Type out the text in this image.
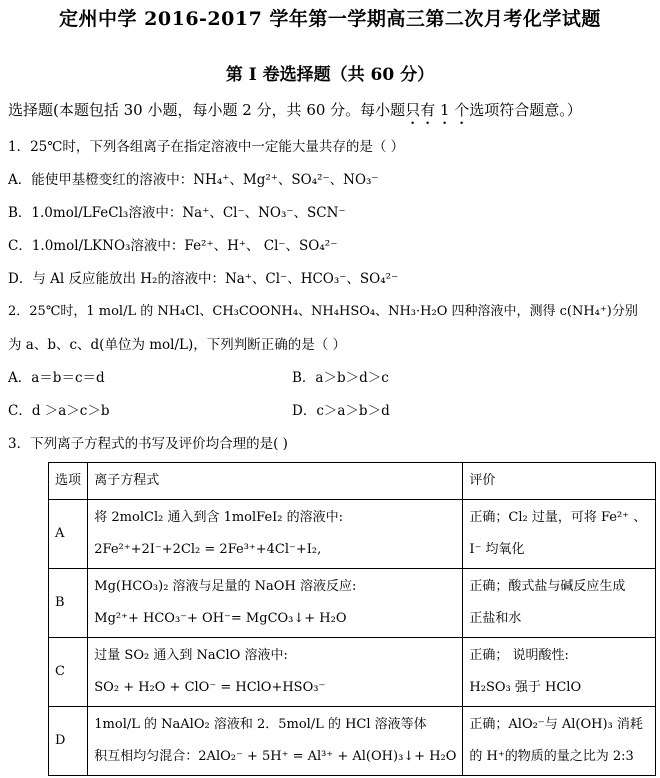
定州中学 2016-2017 学年第一学期高三第二次月考化学试题
第 I 卷选择题（共 60 分）
选择题(本题包括 30 小题，每小题 2 分，共 60 分。每小题只有 1 个选项符合题意。）
1．25℃时，下列各组离子在指定溶液中一定能大量共存的是（ ）
A．能使甲基橙变红的溶液中：NH₄⁺、Mg²⁺、SO₄²⁻、NO₃⁻
B．1.0mol/LFeCl₃溶液中：Na⁺、Cl⁻、NO₃⁻、SCN⁻
C．1.0mol/LKNO₃溶液中：Fe²⁺、H⁺、 Cl⁻、SO₄²⁻
D．与 Al 反应能放出 H₂的溶液中：Na⁺、Cl⁻、HCO₃⁻、SO₄²⁻
2．25℃时，1 mol/L 的 NH₄Cl、CH₃COONH₄、NH₄HSO₄、NH₃·H₂O 四种溶液中，测得 c(NH₄⁺)分别
为 a、b、c、d(单位为 mol/L)，下列判断正确的是（ ）
A．a＝b＝c＝d	B．a＞b＞d＞c
C．d ＞a＞c＞b	D．c＞a＞b＞d
3．下列离子方程式的书写及评价均合理的是( )
选项	离子方程式	评价
A	将 2molCl₂ 通入到含 1molFeI₂ 的溶液中:
2Fe²⁺+2I⁻+2Cl₂ = 2Fe³⁺+4Cl⁻+I₂,	正确；Cl₂ 过量，可将 Fe²⁺ 、
I⁻ 均氧化

B	Mg(HCO₃)₂ 溶液与足量的 NaOH 溶液反应:
Mg²⁺+ HCO₃⁻+ OH⁻= MgCO₃↓+ H₂O	正确；酸式盐与碱反应生成
正盐和水

C	过量 SO₂ 通入到 NaClO 溶液中:
SO₂ + H₂O + ClO⁻ = HClO+HSO₃⁻	正确； 说明酸性:
H₂SO₃ 强于 HClO

D	1mol/L 的 NaAlO₂ 溶液和 2．5mol/L 的 HCl 溶液等体
积互相均匀混合：2AlO₂⁻ + 5H⁺ = Al³⁺ + Al(OH)₃↓+ H₂O	正确；AlO₂⁻与 Al(OH)₃ 消耗
的 H⁺的物质的量之比为 2:3
